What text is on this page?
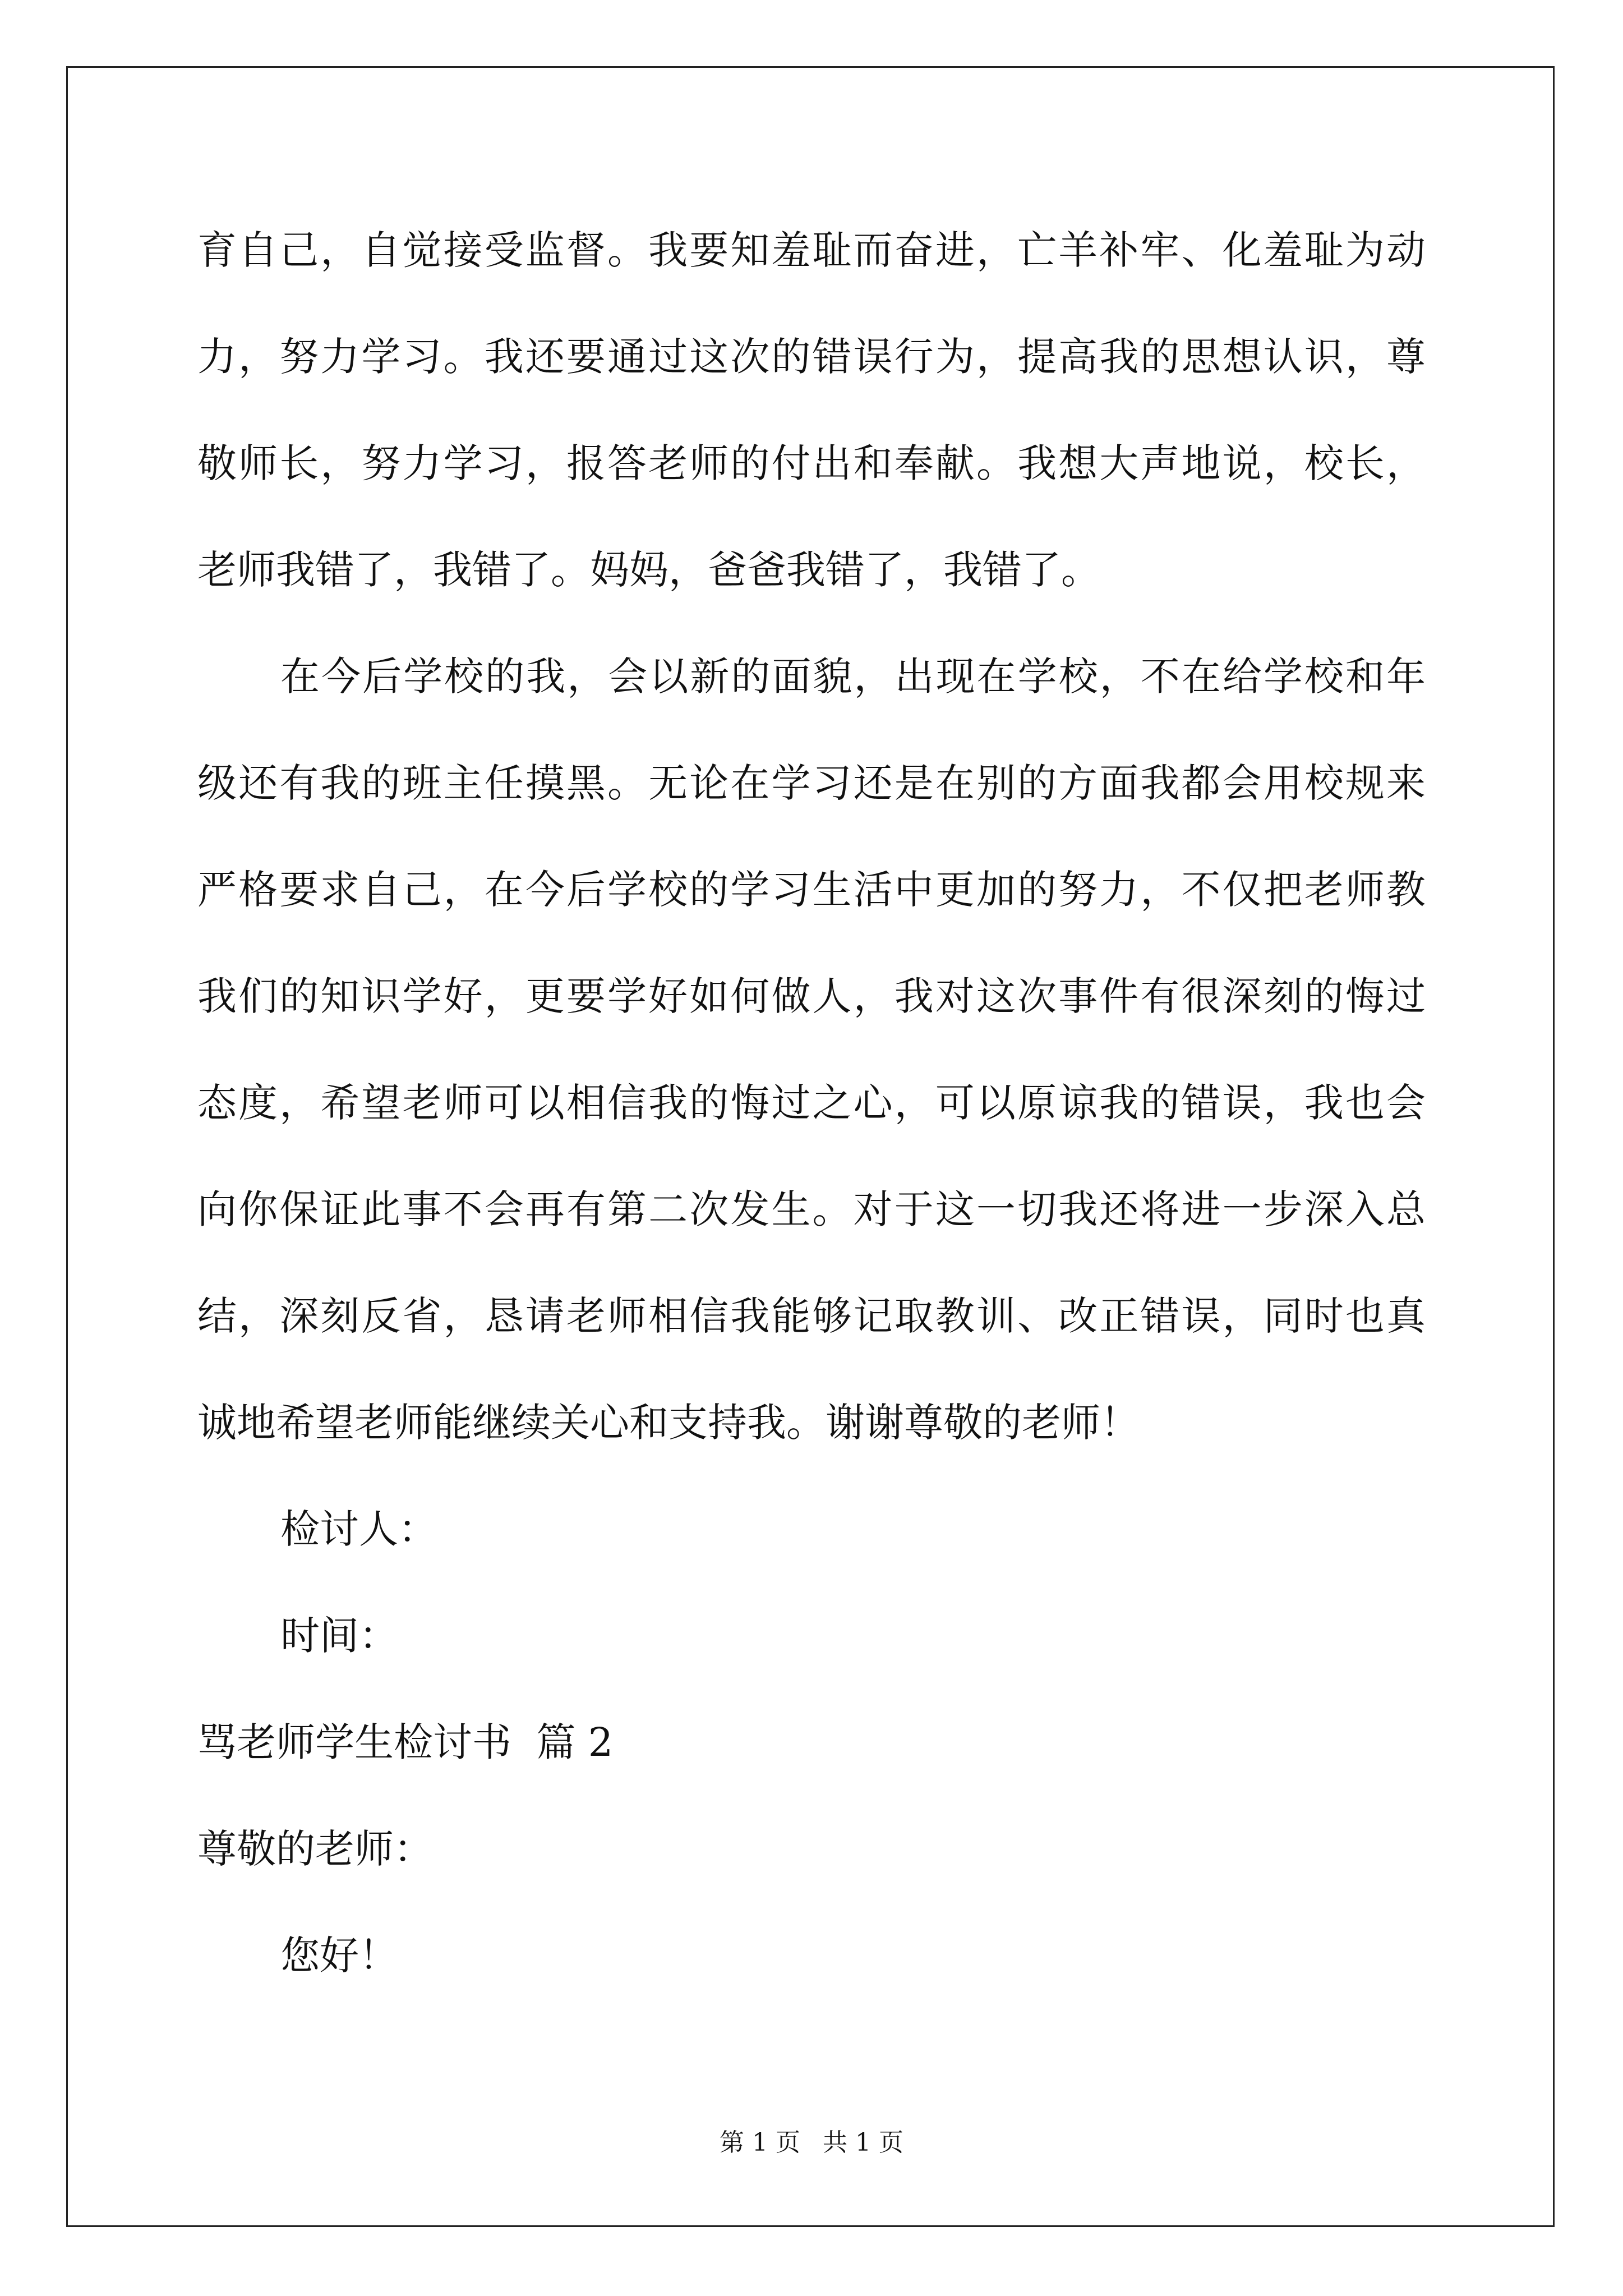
育自己，自觉接受监督。我要知羞耻而奋进，亡羊补牢、化羞耻为动
力，努力学习。我还要通过这次的错误行为，提高我的思想认识，尊
敬师长，努力学习，报答老师的付出和奉献。我想大声地说，校长，
老师我错了，我错了。妈妈，爸爸我错了，我错了。
在今后学校的我，会以新的面貌，出现在学校，不在给学校和年
级还有我的班主任摸黑。无论在学习还是在别的方面我都会用校规来
严格要求自己，在今后学校的学习生活中更加的努力，不仅把老师教
我们的知识学好，更要学好如何做人，我对这次事件有很深刻的悔过
态度，希望老师可以相信我的悔过之心，可以原谅我的错误，我也会
向你保证此事不会再有第二次发生。对于这一切我还将进一步深入总
结，深刻反省，恳请老师相信我能够记取教训、改正错误，同时也真
诚地希望老师能继续关心和支持我。谢谢尊敬的老师！
检讨人：
时间：
骂老师学生检讨书  篇 2
尊敬的老师：
您好！
第 1 页 共 1 页
